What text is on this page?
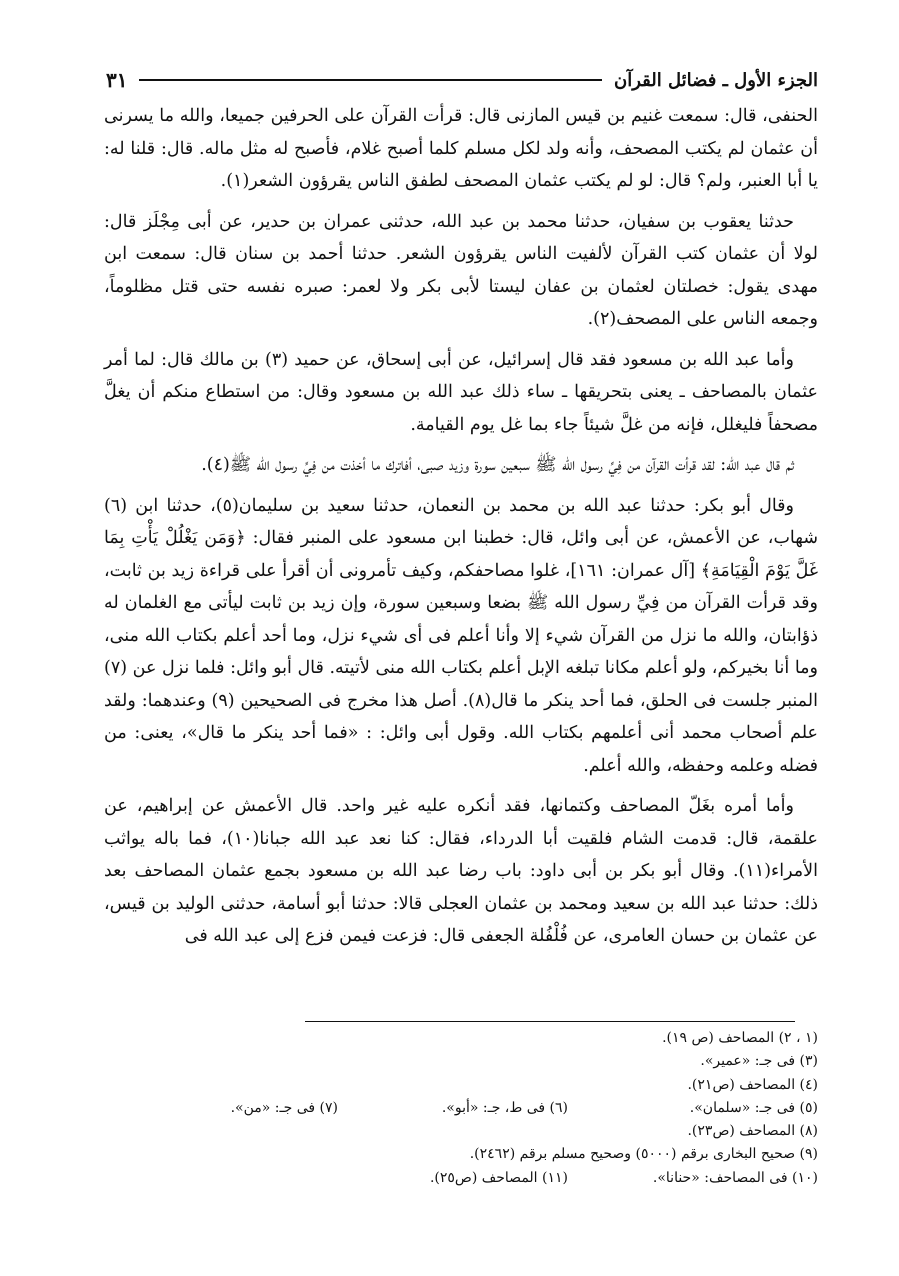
الجزء الأول ـ فضائل القرآن
٣١

الحنفى، قال: سمعت غنيم بن قيس المازنى قال: قرأت القرآن على الحرفين جميعا، والله ما يسرنى أن عثمان لم يكتب المصحف، وأنه ولد لكل مسلم كلما أصبح غلام، فأصبح له مثل ماله. قال: قلنا له: يا أبا العنبر، ولم؟ قال: لو لم يكتب عثمان المصحف لطفق الناس يقرؤون الشعر(١).

حدثنا يعقوب بن سفيان، حدثنا محمد بن عبد الله، حدثنى عمران بن حدير، عن أبى مِجْلَز قال: لولا أن عثمان كتب القرآن لألفيت الناس يقرؤون الشعر. حدثنا أحمد بن سنان قال: سمعت ابن مهدى يقول: خصلتان لعثمان بن عفان ليستا لأبى بكر ولا لعمر: صبره نفسه حتى قتل مظلوماً، وجمعه الناس على المصحف(٢).

وأما عبد الله بن مسعود فقد قال إسرائيل، عن أبى إسحاق، عن حميد (٣) بن مالك قال: لما أمر عثمان بالمصاحف ـ يعنى بتحريقها ـ ساء ذلك عبد الله بن مسعود وقال: من استطاع منكم أن يغلَّ مصحفاً فليغلل، فإنه من غلَّ شيئاً جاء بما غل يوم القيامة.

ثم قال عبد الله: لقد قرأت القرآن من فِيِّ رسول الله ﷺ سبعين سورة وزيد صبى، أفاترك ما أخذت من فِيِّ رسول الله ﷺ(٤).

وقال أبو بكر: حدثنا عبد الله بن محمد بن النعمان، حدثنا سعيد بن سليمان(٥)، حدثنا ابن (٦) شهاب، عن الأعمش، عن أبى وائل، قال: خطبنا ابن مسعود على المنبر فقال: ﴿وَمَن يَغْلُلْ يَأْتِ بِمَا غَلَّ يَوْمَ الْقِيَامَةِ﴾ [آل عمران: ١٦١]، غلوا مصاحفكم، وكيف تأمرونى أن أقرأ على قراءة زيد بن ثابت، وقد قرأت القرآن من فِيِّ رسول الله ﷺ بضعا وسبعين سورة، وإن زيد بن ثابت ليأتى مع الغلمان له ذؤابتان، والله ما نزل من القرآن شيء إلا وأنا أعلم فى أى شيء نزل، وما أحد أعلم بكتاب الله منى، وما أنا بخيركم، ولو أعلم مكانا تبلغه الإبل أعلم بكتاب الله منى لأتيته. قال أبو وائل: فلما نزل عن (٧) المنبر جلست فى الحلق، فما أحد ينكر ما قال(٨). أصل هذا مخرج فى الصحيحين (٩) وعندهما: ولقد علم أصحاب محمد أنى أعلمهم بكتاب الله. وقول أبى وائل: : «فما أحد ينكر ما قال»، يعنى: من فضله وعلمه وحفظه، والله أعلم.

وأما أمره بغَلّ المصاحف وكتمانها، فقد أنكره عليه غير واحد. قال الأعمش عن إبراهيم، عن علقمة، قال: قدمت الشام فلقيت أبا الدرداء، فقال: كنا نعد عبد الله جبانا(١٠)، فما باله يواثب الأمراء(١١). وقال أبو بكر بن أبى داود: باب رضا عبد الله بن مسعود بجمع عثمان المصاحف بعد ذلك: حدثنا عبد الله بن سعيد ومحمد بن عثمان العجلى قالا: حدثنا أبو أسامة، حدثنى الوليد بن قيس، عن عثمان بن حسان العامرى، عن فُلْفُلة الجعفى قال: فزعت فيمن فزع إلى عبد الله فى

(١ ، ٢) المصاحف (ص ١٩).
(٣) فى جـ: «عمير».
(٤) المصاحف (ص٢١).
(٥) فى جـ: «سلمان».
(٦) فى ط، جـ: «أبو».
(٧) فى جـ: «من».
(٨) المصاحف (ص٢٣).
(٩) صحيح البخارى برقم (٥٠٠٠) وصحيح مسلم برقم (٢٤٦٢).
(١٠) فى المصاحف: «حنانا».
(١١) المصاحف (ص٢٥).
